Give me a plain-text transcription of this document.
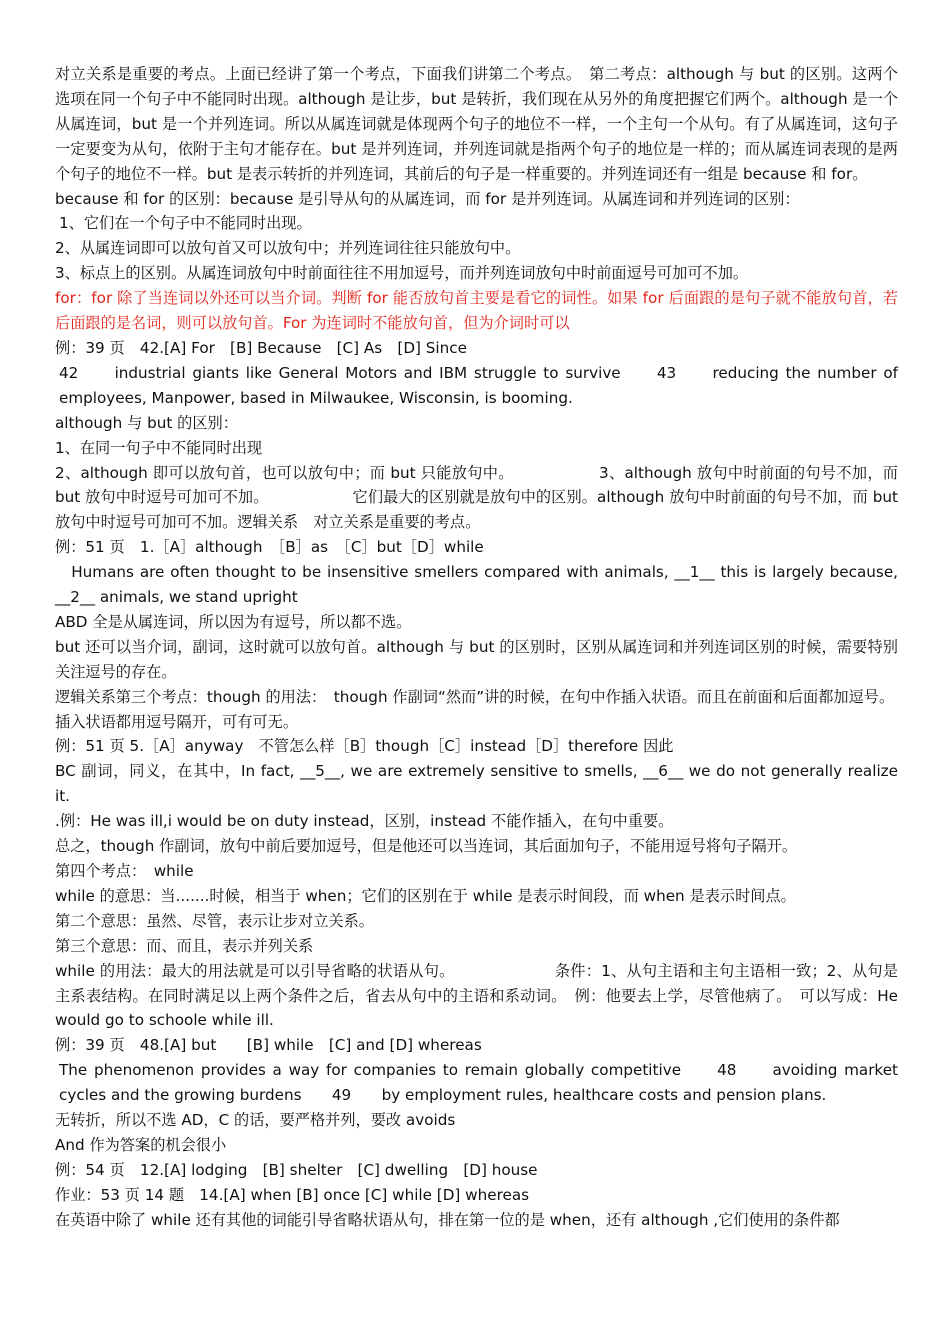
对立关系是重要的考点。上面已经讲了第一个考点，下面我们讲第二个考点。　第二考点：although 与 but 的区别。这两个选项在同一个句子中不能同时出现。although 是让步，but 是转折，我们现在从另外的角度把握它们两个。although 是一个从属连词，but 是一个并列连词。所以从属连词就是体现两个句子的地位不一样，一个主句一个从句。有了从属连词，这句子一定要变为从句，依附于主句才能存在。but 是并列连词，并列连词就是指两个句子的地位是一样的；而从属连词表现的是两个句子的地位不一样。but 是表示转折的并列连词，其前后的句子是一样重要的。并列连词还有一组是 because 和 for。

because 和 for 的区别：because 是引导从句的从属连词，而 for 是并列连词。从属连词和并列连词的区别：

1、它们在一个句子中不能同时出现。

2、从属连词即可以放句首又可以放句中；并列连词往往只能放句中。

3、标点上的区别。从属连词放句中时前面往往不用加逗号，而并列连词放句中时前面逗号可加可不加。

for：for 除了当连词以外还可以当介词。判断 for 能否放句首主要是看它的词性。如果 for 后面跟的是句子就不能放句首，若后面跟的是名词，则可以放句首。For 为连词时不能放句首，但为介词时可以

例：39 页　42.[A] For　[B] Because　[C] As　[D] Since

42　　industrial giants like General Motors and IBM struggle to survive　　43　　reducing the number of employees, Manpower, based in Milwaukee, Wisconsin, is booming.

although 与 but 的区别：

1、在同一句子中不能同时出现

2、although 即可以放句首，也可以放句中；而 but 只能放句中。　　　　　　3、although 放句中时前面的句号不加，而 but 放句中时逗号可加可不加。　　　　　　它们最大的区别就是放句中的区别。although 放句中时前面的句号不加，而 but 放句中时逗号可加可不加。逻辑关系　对立关系是重要的考点。

例：51 页　1.［A］although　［B］as　［C］but［D］while

　Humans are often thought to be insensitive smellers compared with animals, __1__ this is largely because, __2__ animals, we stand upright

ABD 全是从属连词，所以因为有逗号，所以都不选。

but 还可以当介词，副词，这时就可以放句首。although 与 but 的区别时，区别从属连词和并列连词区别的时候，需要特别关注逗号的存在。

逻辑关系第三个考点：though 的用法：　though 作副词“然而”讲的时候，在句中作插入状语。而且在前面和后面都加逗号。

插入状语都用逗号隔开，可有可无。

例：51 页 5.［A］anyway　不管怎么样［B］though［C］instead［D］therefore 因此

BC 副词，同义，在其中，In fact, __5__, we are extremely sensitive to smells, __6__ we do not generally realize it.

.例：He was ill,i would be on duty instead，区别，instead 不能作插入，在句中重要。

总之，though 作副词，放句中前后要加逗号，但是他还可以当连词，其后面加句子，不能用逗号将句子隔开。

第四个考点：　while

while 的意思：当.......时候，相当于 when；它们的区别在于 while 是表示时间段，而 when 是表示时间点。

第二个意思：虽然、尽管，表示让步对立关系。

第三个意思：而、而且，表示并列关系

while 的用法：最大的用法就是可以引导省略的状语从句。　　　　　　　条件：1、从句主语和主句主语相一致；2、从句是主系表结构。在同时满足以上两个条件之后，省去从句中的主语和系动词。　例：他要去上学，尽管他病了。　可以写成：He would go to schoole while ill.

例：39 页　48.[A] but　　[B] while　[C] and [D] whereas

The phenomenon provides a way for companies to remain globally competitive　　48　　avoiding market cycles and the growing burdens　　49　　by employment rules, healthcare costs and pension plans.

无转折，所以不选 AD，C 的话，要严格并列，要改 avoids

And 作为答案的机会很小

例：54 页　12.[A] lodging　[B] shelter　[C] dwelling　[D] house

作业：53 页 14 题　14.[A] when [B] once [C] while [D] whereas

在英语中除了 while 还有其他的词能引导省略状语从句，排在第一位的是 when，还有 although ,它们使用的条件都
